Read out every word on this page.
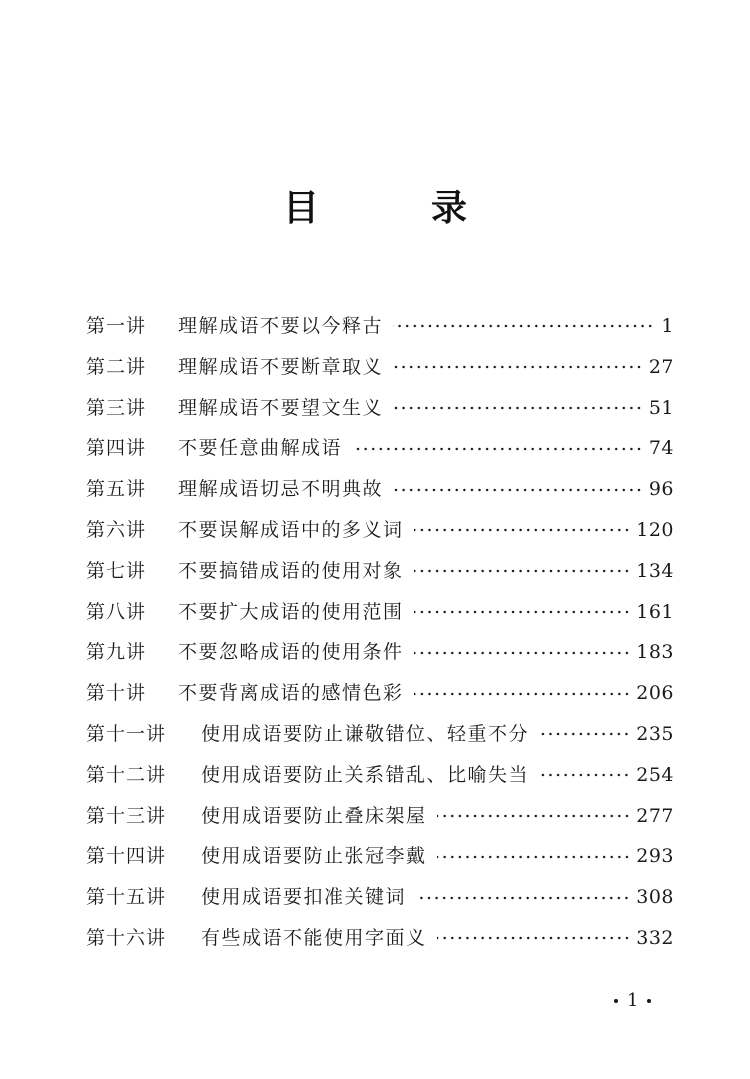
目　录
第一讲	理解成语不要以今释古	1
第二讲	理解成语不要断章取义	27
第三讲	理解成语不要望文生义	51
第四讲	不要任意曲解成语	74
第五讲	理解成语切忌不明典故	96
第六讲	不要误解成语中的多义词	120
第七讲	不要搞错成语的使用对象	134
第八讲	不要扩大成语的使用范围	161
第九讲	不要忽略成语的使用条件	183
第十讲	不要背离成语的感情色彩	206
第十一讲	使用成语要防止谦敬错位、轻重不分	235
第十二讲	使用成语要防止关系错乱、比喻失当	254
第十三讲	使用成语要防止叠床架屋	277
第十四讲	使用成语要防止张冠李戴	293
第十五讲	使用成语要扣准关键词	308
第十六讲	有些成语不能使用字面义	332
1
